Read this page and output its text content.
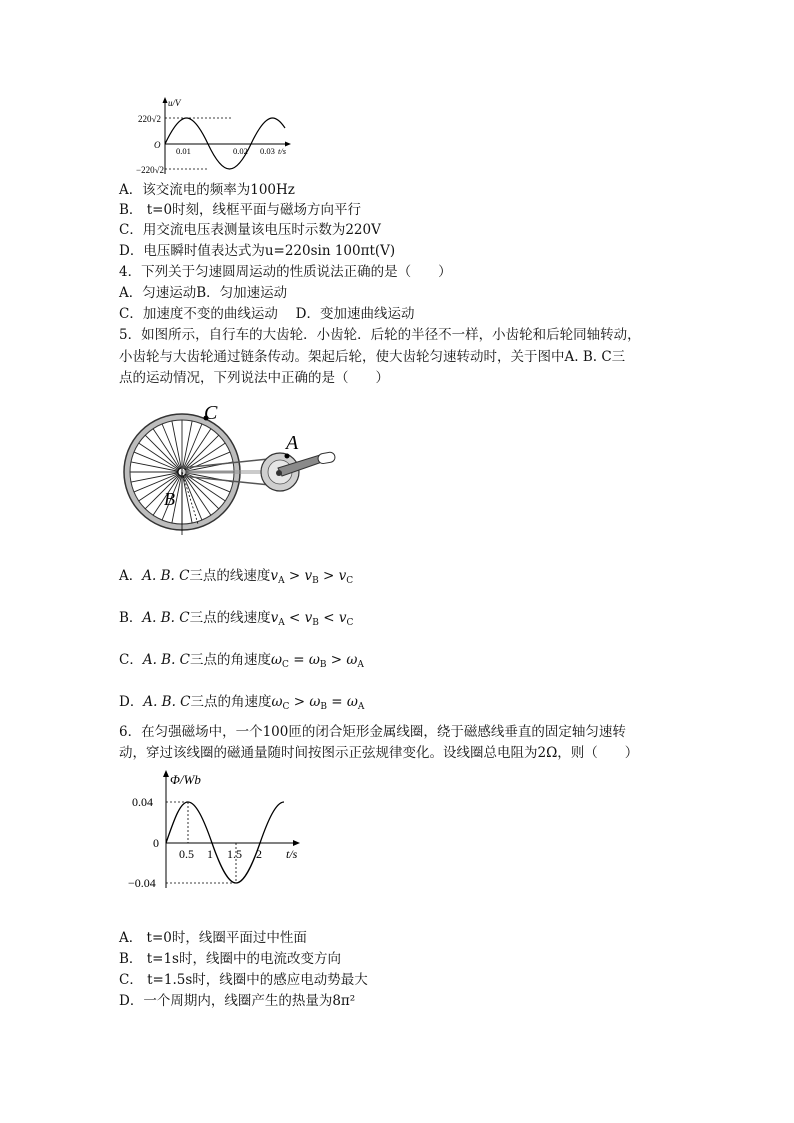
u/V
220√2
O
−220√2
0.01	0.02 0.03 t/s
A．该交流电的频率为100Hz
B． t=0时刻，线框平面与磁场方向平行
C．用交流电压表测量该电压时示数为220V
D．电压瞬时值表达式为u=220sin 100πt(V)
4．下列关于匀速圆周运动的性质说法正确的是（　　）
A．匀速运动B．匀加速运动
C．加速度不变的曲线运动　 D．变加速曲线运动
5．如图所示，自行车的大齿轮．小齿轮．后轮的半径不一样，小齿轮和后轮同轴转动，
小齿轮与大齿轮通过链条传动。架起后轮，使大齿轮匀速转动时，关于图中A. B. C三
点的运动情况，下列说法中正确的是（　　）
C
A
B
A．A. B. C三点的线速度$v_A > v_B > v_C$
B．A. B. C三点的线速度$v_A < v_B < v_C$
C．A. B. C三点的角速度$\omega_C = \omega_B > \omega_A$
D．A. B. C三点的角速度$\omega_C > \omega_B = \omega_A$
6．在匀强磁场中，一个100匝的闭合矩形金属线圈，绕于磁感线垂直的固定轴匀速转
动，穿过该线圈的磁通量随时间按图示正弦规律变化。设线圈总电阻为2Ω，则（　　）
Φ/Wb
0.04
0
−0.04
0.5 1 1.5 2 t/s
A． t=0时，线圈平面过中性面
B． t=1s时，线圈中的电流改变方向
C． t=1.5s时，线圈中的感应电动势最大
D．一个周期内，线圈产生的热量为8π²
